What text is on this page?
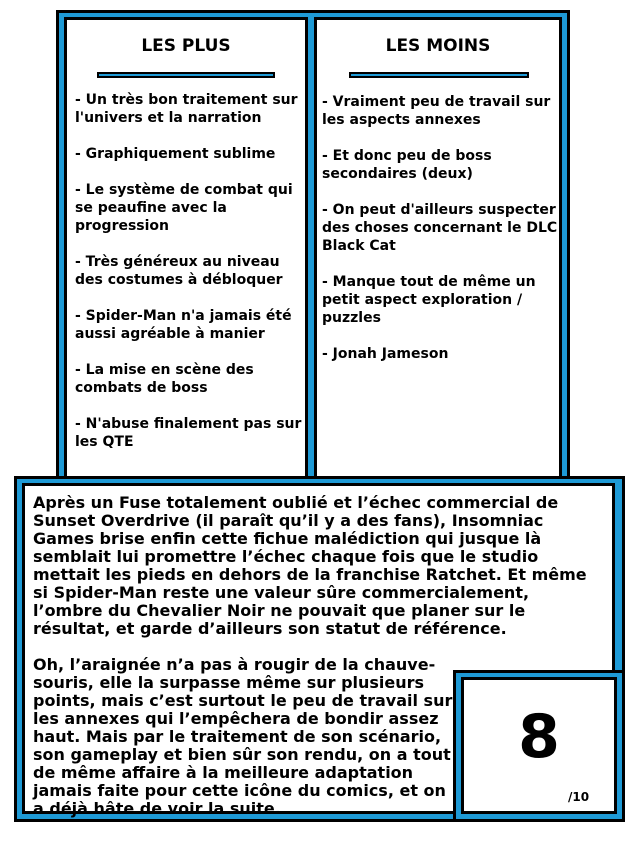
LES PLUS
- Un très bon traitement sur l'univers et la narration
- Graphiquement sublime
- Le système de combat qui se peaufine avec la progression
- Très généreux au niveau des costumes à débloquer
- Spider-Man n'a jamais été aussi agréable à manier
- La mise en scène des combats de boss
- N'abuse finalement pas sur les QTE
LES MOINS
- Vraiment peu de travail sur les aspects annexes
- Et donc peu de boss secondaires (deux)
- On peut d'ailleurs suspecter des choses concernant le DLC Black Cat
- Manque tout de même un petit aspect exploration / puzzles
- Jonah Jameson

Après un Fuse totalement oublié et l’échec commercial de Sunset Overdrive (il paraît qu’il y a des fans), Insomniac Games brise enfin cette fichue malédiction qui jusque là semblait lui promettre l’échec chaque fois que le studio mettait les pieds en dehors de la franchise Ratchet. Et même si Spider-Man reste une valeur sûre commercialement, l’ombre du Chevalier Noir ne pouvait que planer sur le résultat, et garde d’ailleurs son statut de référence.

Oh, l’araignée n’a pas à rougir de la chauve-souris, elle la surpasse même sur plusieurs points, mais c’est surtout le peu de travail sur les annexes qui l’empêchera de bondir assez haut. Mais par le traitement de son scénario, son gameplay et bien sûr son rendu, on a tout de même affaire à la meilleure adaptation jamais faite pour cette icône du comics, et on a déjà hâte de voir la suite.

8
/10
